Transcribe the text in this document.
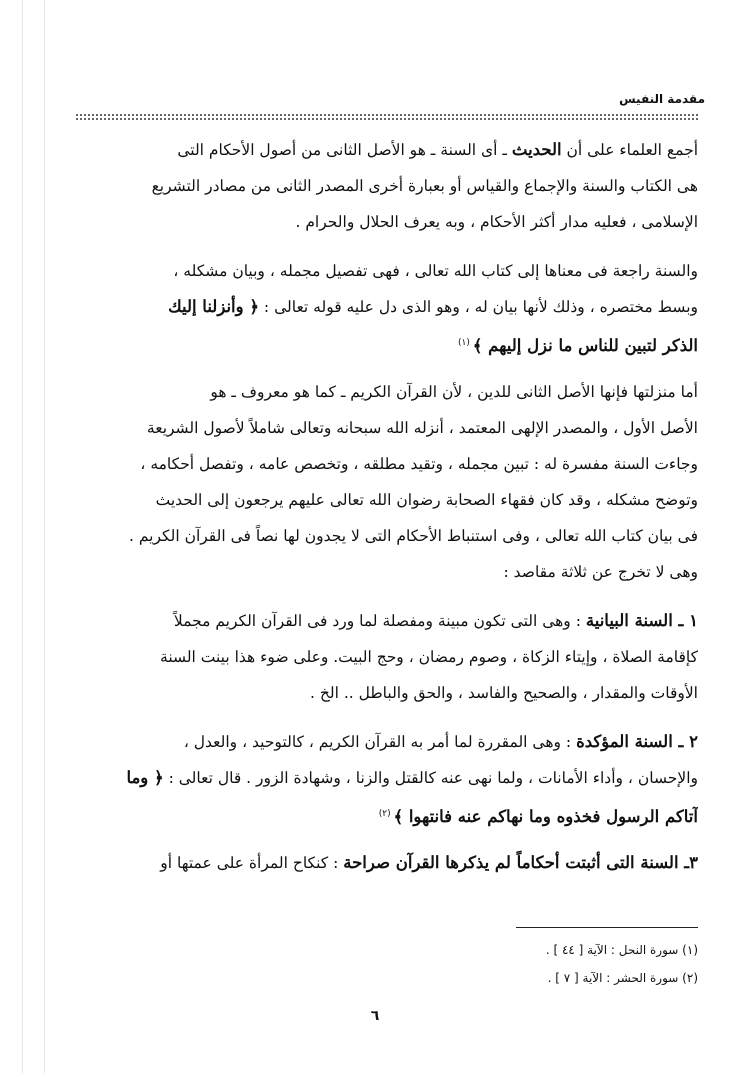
مقدمة النفيس
أجمع العلماء على أن الحديث ـ أى السنة ـ هو الأصل الثانى من أصول الأحكام التى
هى الكتاب والسنة والإجماع والقياس أو بعبارة أخرى المصدر الثانى من مصادر التشريع
الإسلامى ، فعليه مدار أكثر الأحكام ، وبه يعرف الحلال والحرام .
والسنة راجعة فى معناها إلى كتاب الله تعالى ، فهى تفصيل مجمله ، وبيان مشكله ،
وبسط مختصره ، وذلك لأنها بيان له ، وهو الذى دل عليه قوله تعالى : ﴿ وأنزلنا إليك
الذكر لتبين للناس ما نزل إليهم ﴾ $^{(١)}$
أما منزلتها فإنها الأصل الثانى للدين ، لأن القرآن الكريم ـ كما هو معروف ـ هو
الأصل الأول ، والمصدر الإلهى المعتمد ، أنزله الله سبحانه وتعالى شاملاً لأصول الشريعة
وجاءت السنة مفسرة له : تبين مجمله ، وتقيد مطلقه ، وتخصص عامه ، وتفصل أحكامه ،
وتوضح مشكله ، وقد كان فقهاء الصحابة رضوان الله تعالى عليهم يرجعون إلى الحديث
فى بيان كتاب الله تعالى ، وفى استنباط الأحكام التى لا يجدون لها نصاً فى القرآن الكريم .
وهى لا تخرج عن ثلاثة مقاصد :
١ ـ السنة البيانية : وهى التى تكون مبينة ومفصلة لما ورد فى القرآن الكريم مجملاً
كإقامة الصلاة ، وإيتاء الزكاة ، وصوم رمضان ، وحج البيت. وعلى ضوء هذا بينت السنة
الأوقات والمقدار ، والصحيح والفاسد ، والحق والباطل .. الخ .
٢ ـ السنة المؤكدة : وهى المقررة لما أمر به القرآن الكريم ، كالتوحيد ، والعدل ،
والإحسان ، وأداء الأمانات ، ولما نهى عنه كالقتل والزنا ، وشهادة الزور . قال تعالى : ﴿ وما
آتاكم الرسول فخذوه وما نهاكم عنه فانتهوا ﴾ $^{(٢)}$
٣ـ السنة التى أثبتت أحكاماً لم يذكرها القرآن صراحة : كنكاح المرأة على عمتها أو
(١) سورة النحل : الآية [ ٤٤ ] .
(٢) سورة الحشر : الآية [ ٧ ] .
٦
